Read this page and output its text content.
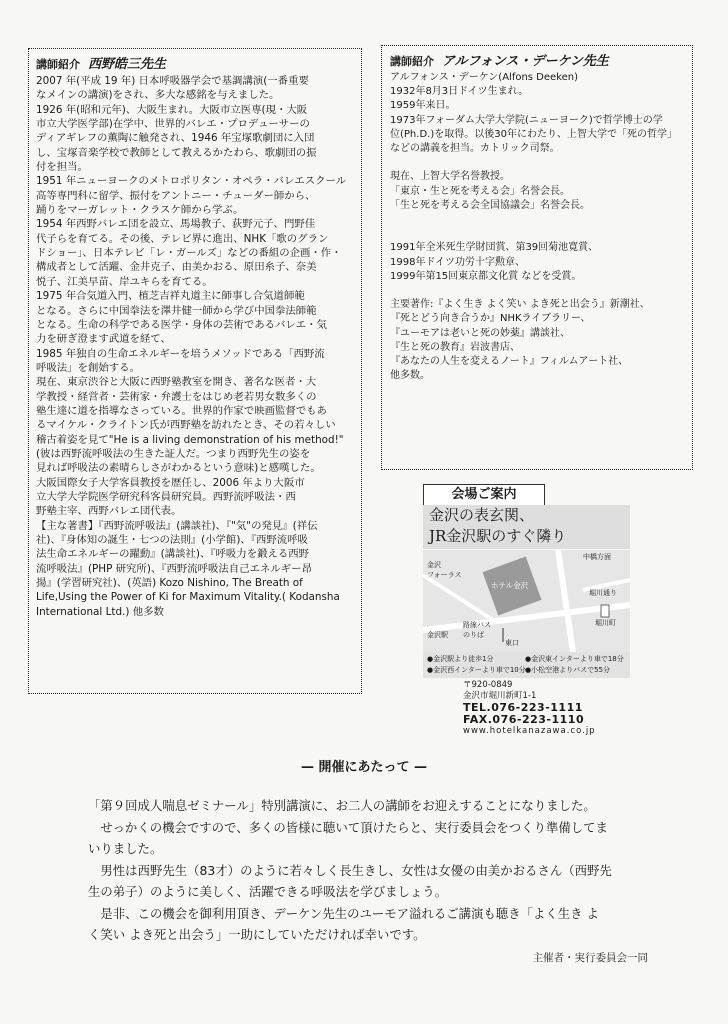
講師紹介 西野皓三先生
2007 年(平成 19 年) 日本呼吸器学会で基調講演(一番重要
なメインの講演)をされ、多大な感銘を与えました。
1926 年(昭和元年)、大阪生まれ。大阪市立医専(現・大阪
市立大学医学部)在学中、世界的バレエ・プロデューサーの
ディアギレフの薫陶に触発され、1946 年宝塚歌劇団に入団
し、宝塚音楽学校で教師として教えるかたわら、歌劇団の振
付を担当。
1951 年ニューヨークのメトロポリタン・オペラ・バレエスクール
高等専門科に留学、振付をアントニー・チューダー師から、
踊りをマーガレット・クラスケ師から学ぶ。
1954 年西野バレエ団を設立、馬場教子、荻野元子、門野佳
代子らを育てる。その後、テレビ界に進出、NHK「歌のグラン
ドショー」、日本テレビ「レ・ガールズ」などの番組の企画・作・
構成者として活躍、金井克子、由美かおる、原田糸子、奈美
悦子、江美早苗、岸ユキらを育てる。
1975 年合気道入門、植芝吉祥丸道主に師事し合気道師範
となる。さらに中国拳法を澤井健一師から学び中国拳法師範
となる。生命の科学である医学・身体の芸術であるバレエ・気
力を研ぎ澄ます武道を経て、
1985 年独自の生命エネルギーを培うメソッドである「西野流
呼吸法」を創始する。
現在、東京渋谷と大阪に西野塾教室を開き、著名な医者・大
学教授・経営者・芸術家・弁護士をはじめ老若男女数多くの
塾生達に道を指導なさっている。世界的作家で映画監督でもあ
るマイケル・クライトン氏が西野塾を訪れたとき、その若々しい
稽古着姿を見て"He is a living demonstration of his method!"
(彼は西野流呼吸法の生きた証人だ。つまり西野先生の姿を
見れば呼吸法の素晴らしさがわかるという意味)と感嘆した。
大阪国際女子大学客員教授を歴任し、2006 年より大阪市
立大学大学院医学研究科客員研究員。西野流呼吸法・西
野塾主宰、西野バレエ団代表。
【主な著書】『西野流呼吸法』(講談社)、『"気"の発見』(祥伝
社)、『身体知の誕生・七つの法則』(小学館)、『西野流呼吸
法生命エネルギーの躍動』(講談社)、『呼吸力を鍛える西野
流呼吸法』(PHP 研究所)、『西野流呼吸法自己エネルギー昂
揚』(学習研究社)、(英語) Kozo Nishino, The Breath of
Life,Using the Power of Ki for Maximum Vitality.( Kodansha
International Ltd.) 他多数
講師紹介 アルフォンス・デーケン先生
アルフォンス・デーケン(Alfons Deeken)
1932年8月3日ドイツ生まれ。
1959年来日。
1973年フォーダム大学大学院(ニューヨーク)で哲学博士の学
位(Ph.D.)を取得。以後30年にわたり、上智大学で「死の哲学」
などの講義を担当。カトリック司祭。
現在、上智大学名誉教授。
「東京・生と死を考える会」名誉会長。
「生と死を考える会全国協議会」名誉会長。
1991年全米死生学財団賞、第39回菊池寛賞、
1998年ドイツ功労十字勲章、
1999年第15回東京都文化賞 などを受賞。
主要著作:『よく生き よく笑い よき死と出会う』新潮社、
『死とどう向き合うか』NHKライブラリー、
『ユーモアは老いと死の妙薬』講談社、
『生と死の教育』岩波書店、
『あなたの人生を変えるノート』フィルムアート社、
他多数。
会場ご案内
金沢の表玄関、
JR金沢駅のすぐ隣り
ホテル金沢
金沢
フォーラス
金沢駅
路線バス
のりば
東口
堀川通り
堀川町
中橋方面
●金沢駅より徒歩1分	●金沢東インターより車で18分
●金沢西インターより車で10分 ●小松空港よりバスで55分
〒920-0849
金沢市堀川新町1-1
TEL.076-223-1111
FAX.076-223-1110
www.hotelkanazawa.co.jp
— 開催にあたって —
「第９回成人喘息ゼミナール」特別講演に、お二人の講師をお迎えすることになりました。
　せっかくの機会ですので、多くの皆様に聴いて頂けたらと、実行委員会をつくり準備してま
いりました。
　男性は西野先生（83才）のように若々しく長生きし、女性は女優の由美かおるさん（西野先
生の弟子）のように美しく、活躍できる呼吸法を学びましょう。
　是非、この機会を御利用頂き、デーケン先生のユーモア溢れるご講演も聴き「よく生き よ
く笑い よき死と出会う」一助にしていただければ幸いです。
主催者・実行委員会一同
